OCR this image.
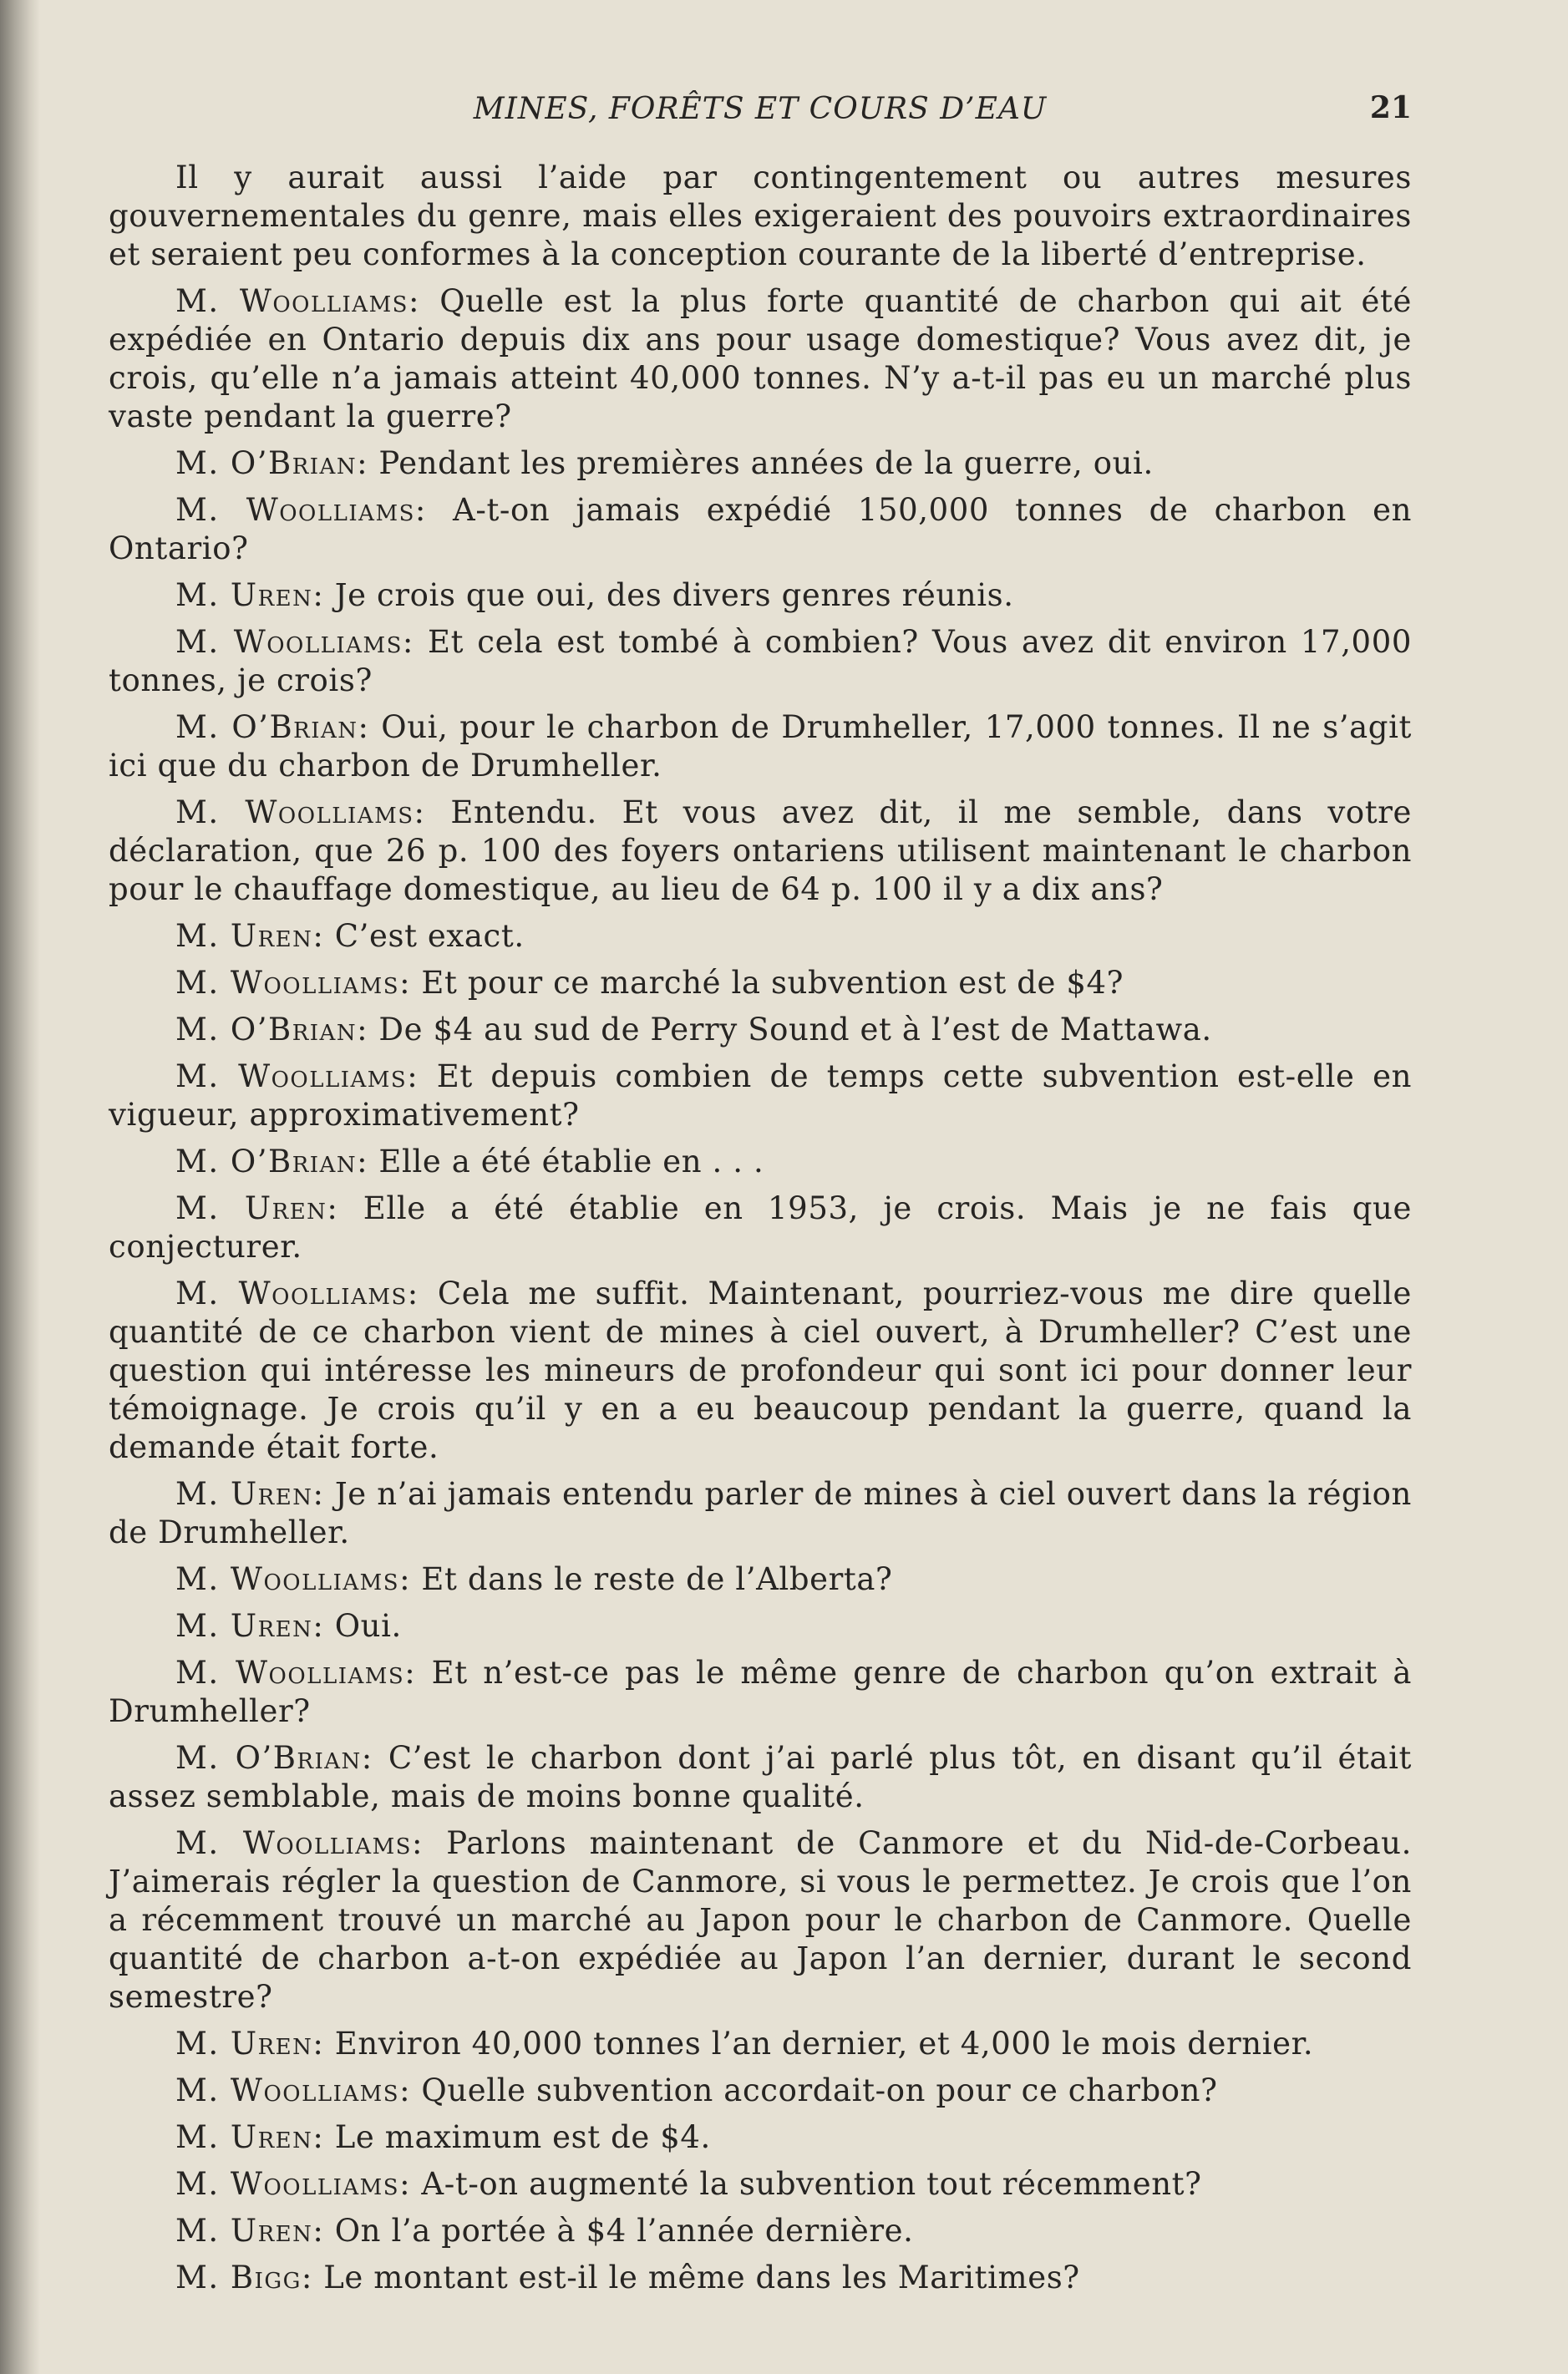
MINES, FORÊTS ET COURS D’EAU	21

Il y aurait aussi l’aide par contingentement ou autres mesures gouvernementales du genre, mais elles exigeraient des pouvoirs extraordinaires et seraient peu conformes à la conception courante de la liberté d’entreprise.

M. Woolliams: Quelle est la plus forte quantité de charbon qui ait été expédiée en Ontario depuis dix ans pour usage domestique? Vous avez dit, je crois, qu’elle n’a jamais atteint 40,000 tonnes. N’y a-t-il pas eu un marché plus vaste pendant la guerre?

M. O’Brian: Pendant les premières années de la guerre, oui.

M. Woolliams: A-t-on jamais expédié 150,000 tonnes de charbon en Ontario?

M. Uren: Je crois que oui, des divers genres réunis.

M. Woolliams: Et cela est tombé à combien? Vous avez dit environ 17,000 tonnes, je crois?

M. O’Brian: Oui, pour le charbon de Drumheller, 17,000 tonnes. Il ne s’agit ici que du charbon de Drumheller.

M. Woolliams: Entendu. Et vous avez dit, il me semble, dans votre déclaration, que 26 p. 100 des foyers ontariens utilisent maintenant le charbon pour le chauffage domestique, au lieu de 64 p. 100 il y a dix ans?

M. Uren: C’est exact.

M. Woolliams: Et pour ce marché la subvention est de $4?

M. O’Brian: De $4 au sud de Perry Sound et à l’est de Mattawa.

M. Woolliams: Et depuis combien de temps cette subvention est-elle en vigueur, approximativement?

M. O’Brian: Elle a été établie en . . .

M. Uren: Elle a été établie en 1953, je crois. Mais je ne fais que conjecturer.

M. Woolliams: Cela me suffit. Maintenant, pourriez-vous me dire quelle quantité de ce charbon vient de mines à ciel ouvert, à Drumheller? C’est une question qui intéresse les mineurs de profondeur qui sont ici pour donner leur témoignage. Je crois qu’il y en a eu beaucoup pendant la guerre, quand la demande était forte.

M. Uren: Je n’ai jamais entendu parler de mines à ciel ouvert dans la région de Drumheller.

M. Woolliams: Et dans le reste de l’Alberta?

M. Uren: Oui.

M. Woolliams: Et n’est-ce pas le même genre de charbon qu’on extrait à Drumheller?

M. O’Brian: C’est le charbon dont j’ai parlé plus tôt, en disant qu’il était assez semblable, mais de moins bonne qualité.

M. Woolliams: Parlons maintenant de Canmore et du Nid-de-Corbeau. J’aimerais régler la question de Canmore, si vous le permettez. Je crois que l’on a récemment trouvé un marché au Japon pour le charbon de Canmore. Quelle quantité de charbon a-t-on expédiée au Japon l’an dernier, durant le second semestre?

M. Uren: Environ 40,000 tonnes l’an dernier, et 4,000 le mois dernier.

M. Woolliams: Quelle subvention accordait-on pour ce charbon?

M. Uren: Le maximum est de $4.

M. Woolliams: A-t-on augmenté la subvention tout récemment?

M. Uren: On l’a portée à $4 l’année dernière.

M. Bigg: Le montant est-il le même dans les Maritimes?
